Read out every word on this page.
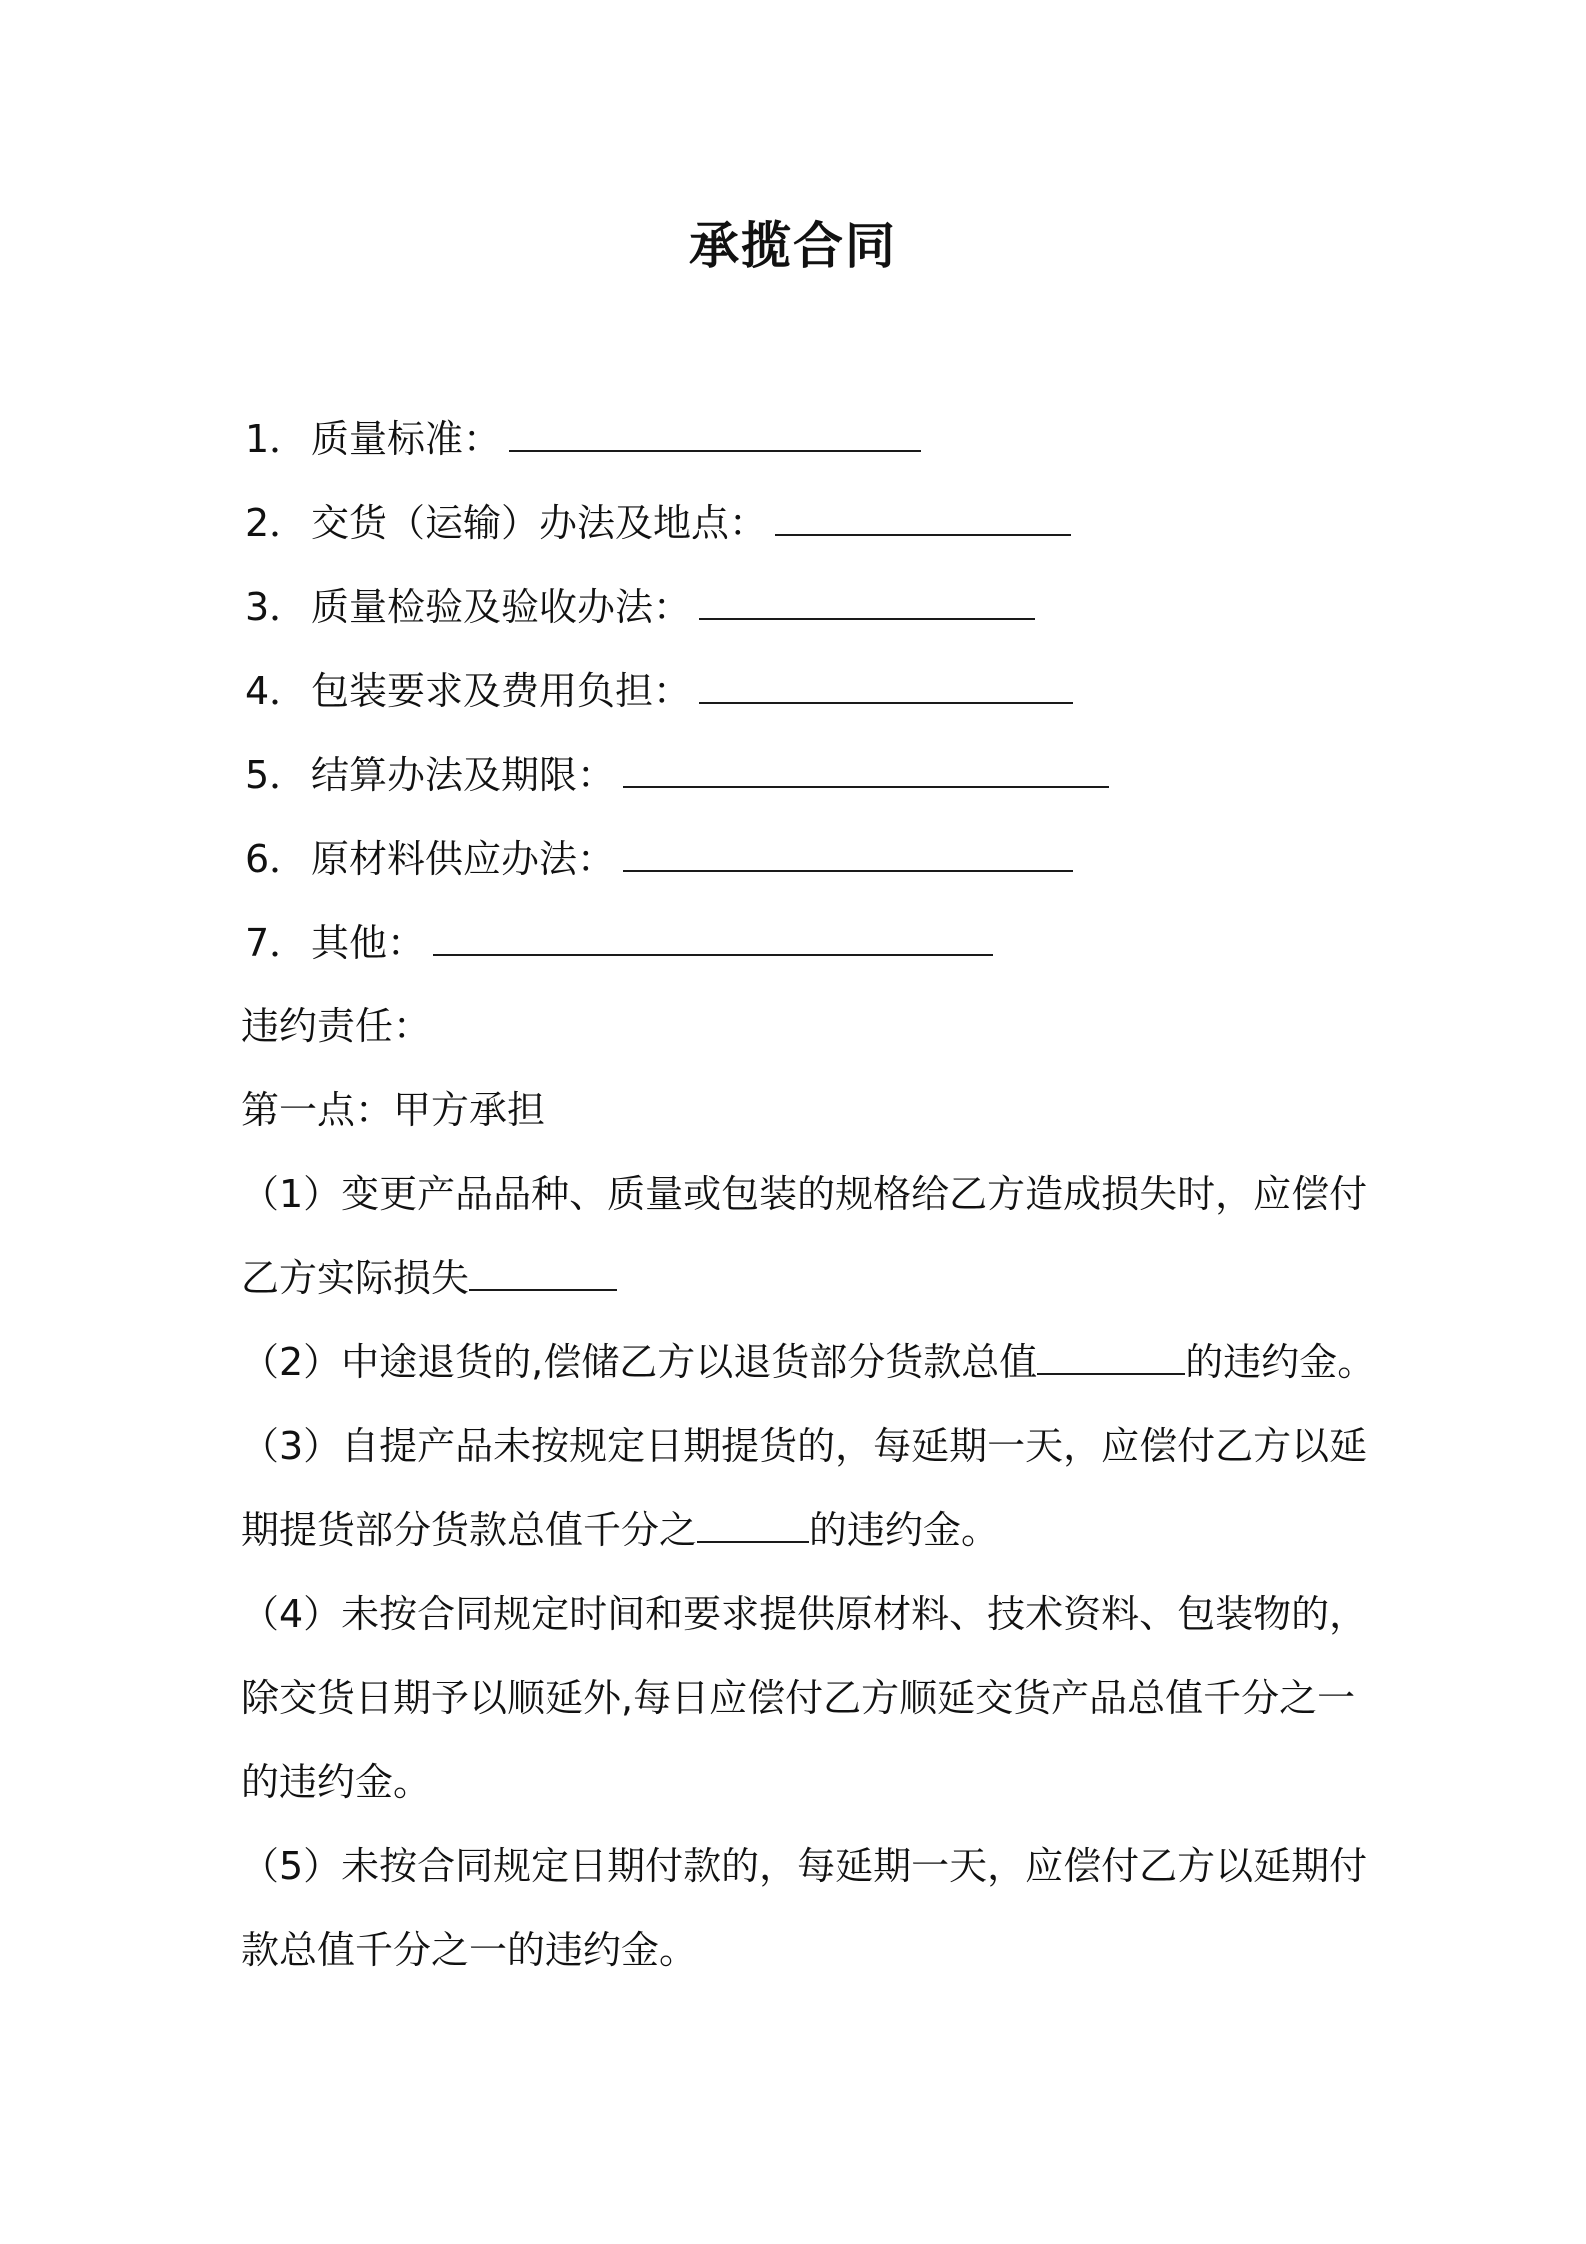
承揽合同
1． 质量标准：
2． 交货（运输）办法及地点：
3． 质量检验及验收办法：
4． 包装要求及费用负担：
5． 结算办法及期限：
6． 原材料供应办法：
7． 其他：
违约责任：
第一点：甲方承担
（1）变更产品品种、质量或包装的规格给乙方造成损失时，应偿付
乙方实际损失
（2）中途退货的,偿储乙方以退货部分货款总值	的违约金。
（3）自提产品未按规定日期提货的，每延期一天，应偿付乙方以延
期提货部分货款总值千分之	的违约金。
（4）未按合同规定时间和要求提供原材料、技术资料、包装物的，
除交货日期予以顺延外,每日应偿付乙方顺延交货产品总值千分之一
的违约金。
（5）未按合同规定日期付款的，每延期一天，应偿付乙方以延期付
款总值千分之一的违约金。
